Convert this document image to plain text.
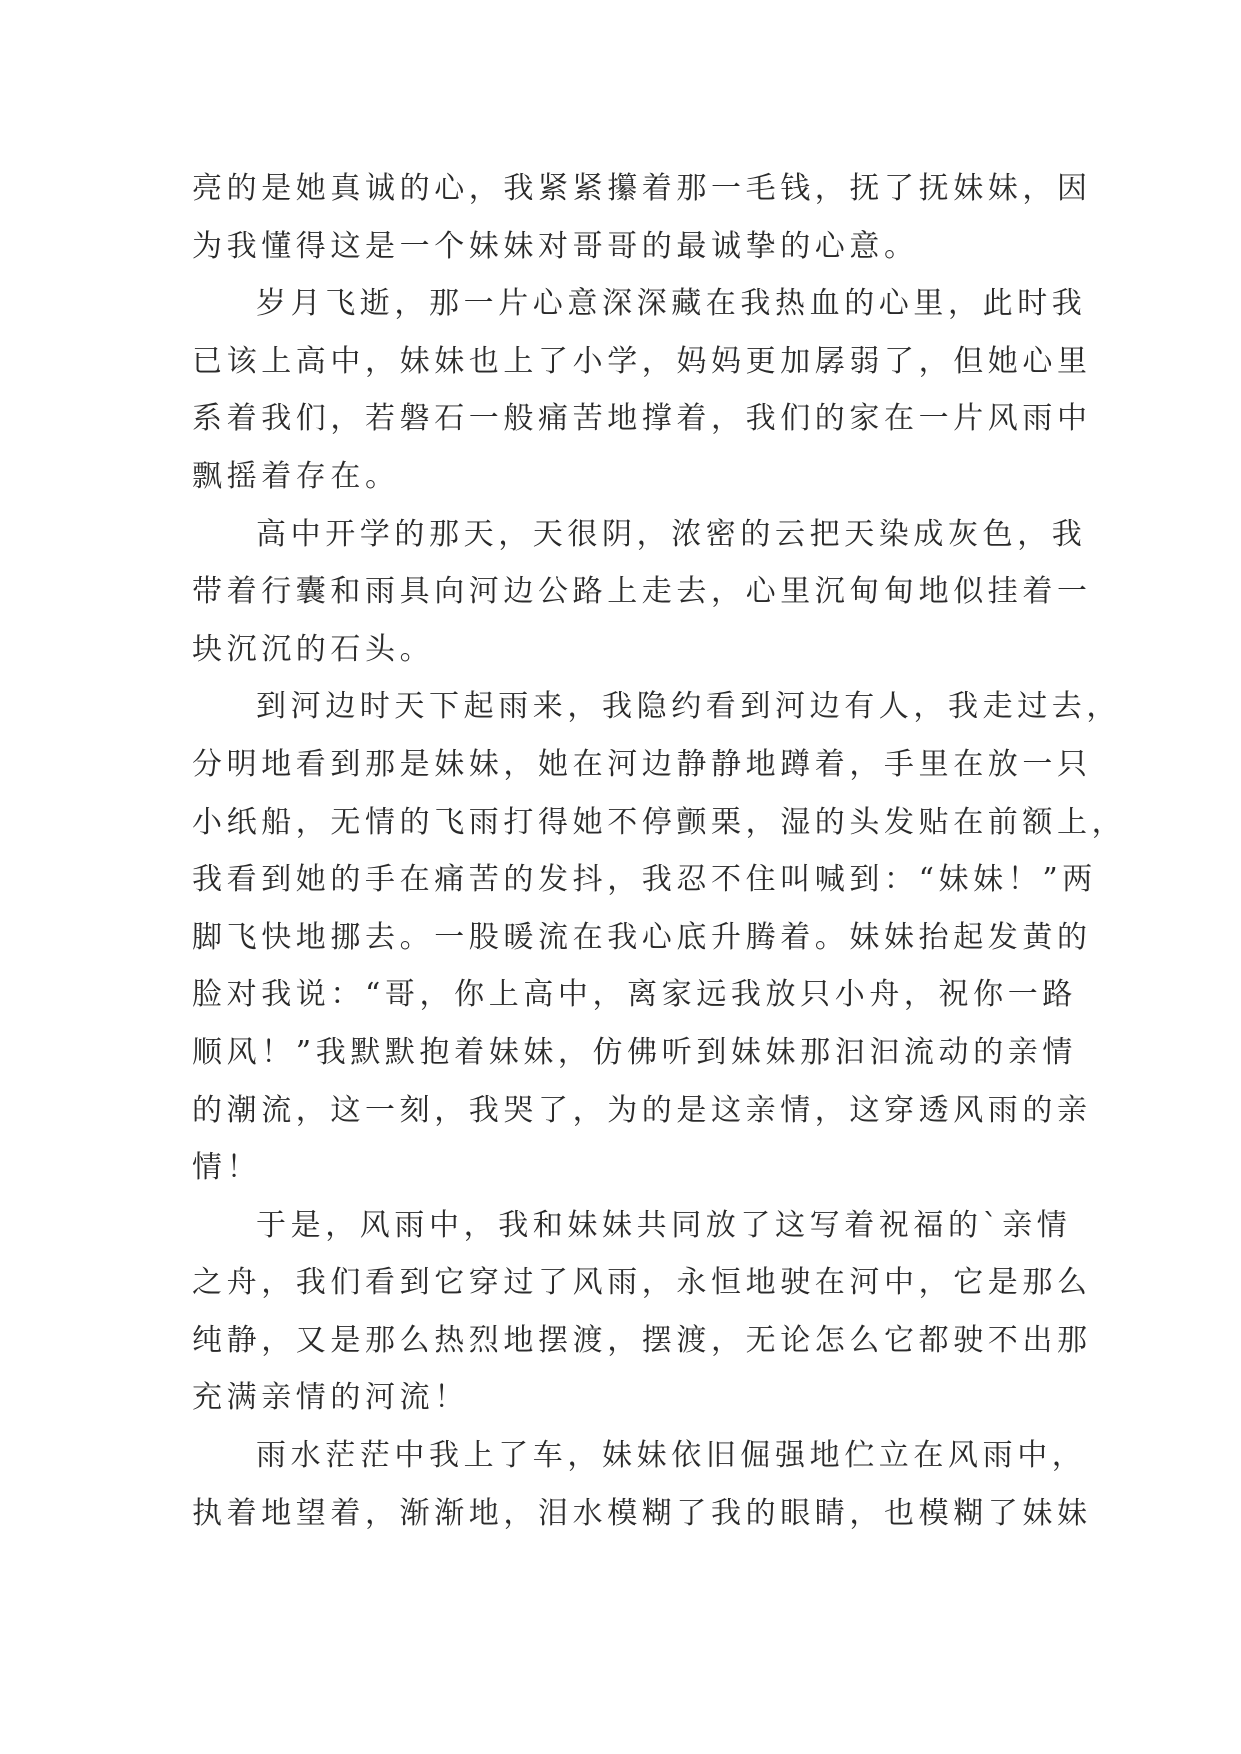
亮的是她真诚的心，我紧紧攥着那一毛钱，抚了抚妹妹，因
为我懂得这是一个妹妹对哥哥的最诚挚的心意。
岁月飞逝，那一片心意深深藏在我热血的心里，此时我
已该上高中，妹妹也上了小学，妈妈更加孱弱了，但她心里
系着我们，若磐石一般痛苦地撑着，我们的家在一片风雨中
飘摇着存在。
高中开学的那天，天很阴，浓密的云把天染成灰色，我
带着行囊和雨具向河边公路上走去，心里沉甸甸地似挂着一
块沉沉的石头。
到河边时天下起雨来，我隐约看到河边有人，我走过去，
分明地看到那是妹妹，她在河边静静地蹲着，手里在放一只
小纸船，无情的飞雨打得她不停颤栗，湿的头发贴在前额上，
我看到她的手在痛苦的发抖，我忍不住叫喊到：“妹妹！”两
脚飞快地挪去。一股暖流在我心底升腾着。妹妹抬起发黄的
脸对我说：“哥，你上高中，离家远我放只小舟，祝你一路
顺风！”我默默抱着妹妹，仿佛听到妹妹那汩汩流动的亲情
的潮流，这一刻，我哭了，为的是这亲情，这穿透风雨的亲
情！
于是，风雨中，我和妹妹共同放了这写着祝福的`亲情
之舟，我们看到它穿过了风雨，永恒地驶在河中，它是那么
纯静，又是那么热烈地摆渡，摆渡，无论怎么它都驶不出那
充满亲情的河流！
雨水茫茫中我上了车，妹妹依旧倔强地伫立在风雨中，
执着地望着，渐渐地，泪水模糊了我的眼睛，也模糊了妹妹
